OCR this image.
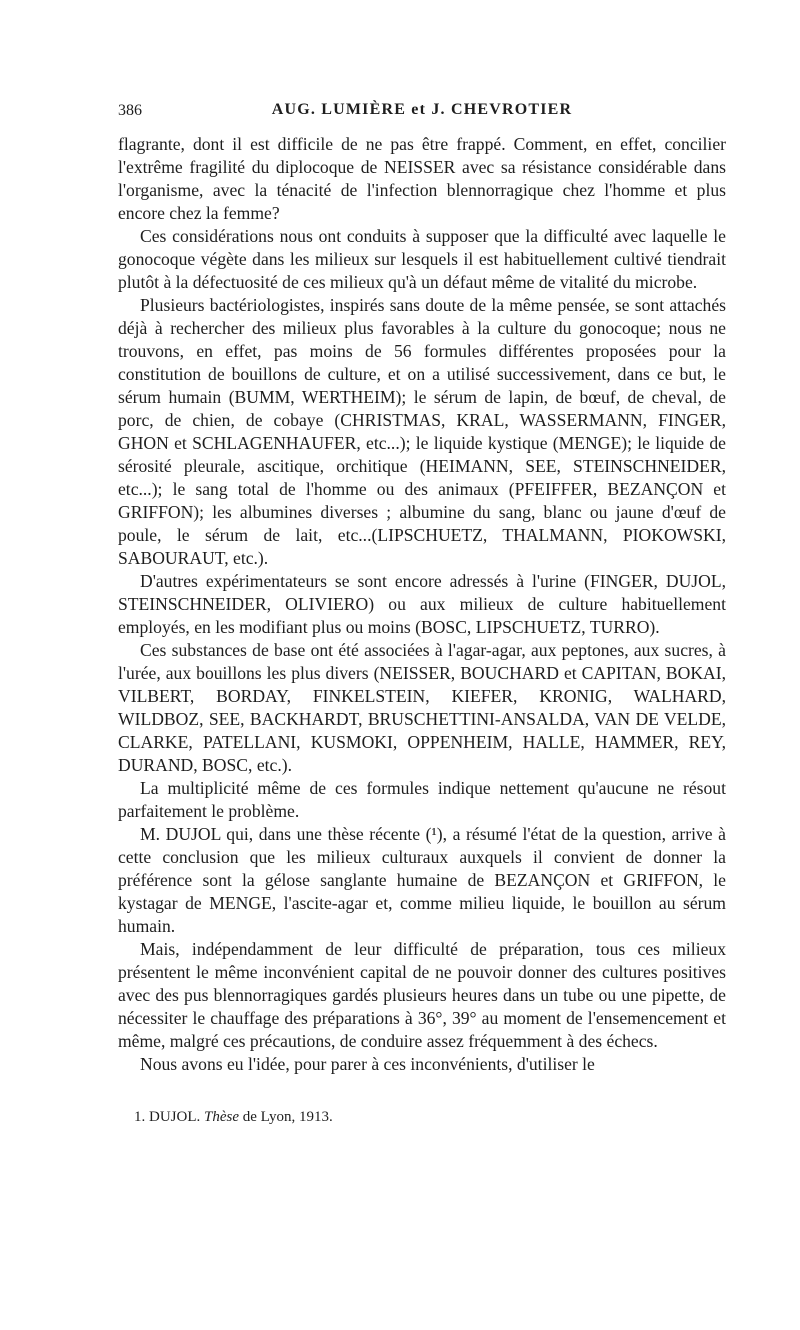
386	AUG. LUMIÈRE et J. CHEVROTIER

flagrante, dont il est difficile de ne pas être frappé. Comment, en effet, concilier l'extrême fragilité du diplocoque de NEISSER avec sa résistance considérable dans l'organisme, avec la ténacité de l'infection blennorragique chez l'homme et plus encore chez la femme?

Ces considérations nous ont conduits à supposer que la difficulté avec laquelle le gonocoque végète dans les milieux sur lesquels il est habituellement cultivé tiendrait plutôt à la défectuosité de ces milieux qu'à un défaut même de vitalité du microbe.

Plusieurs bactériologistes, inspirés sans doute de la même pensée, se sont attachés déjà à rechercher des milieux plus favorables à la culture du gonocoque; nous ne trouvons, en effet, pas moins de 56 formules différentes proposées pour la constitution de bouillons de culture, et on a utilisé successivement, dans ce but, le sérum humain (BUMM, WERTHEIM); le sérum de lapin, de bœuf, de cheval, de porc, de chien, de cobaye (CHRISTMAS, KRAL, WASSERMANN, FINGER, GHON et SCHLAGENHAUFER, etc...); le liquide kystique (MENGE); le liquide de sérosité pleurale, ascitique, orchitique (HEIMANN, SEE, STEINSCHNEIDER, etc...); le sang total de l'homme ou des animaux (PFEIFFER, BEZANÇON et GRIFFON); les albumines diverses ; albumine du sang, blanc ou jaune d'œuf de poule, le sérum de lait, etc...(LIPSCHUETZ, THALMANN, PIOKOWSKI, SABOURAUT, etc.).

D'autres expérimentateurs se sont encore adressés à l'urine (FINGER, DUJOL, STEINSCHNEIDER, OLIVIERO) ou aux milieux de culture habituellement employés, en les modifiant plus ou moins (BOSC, LIPSCHUETZ, TURRO).

Ces substances de base ont été associées à l'agar-agar, aux peptones, aux sucres, à l'urée, aux bouillons les plus divers (NEISSER, BOUCHARD et CAPITAN, BOKAI, VILBERT, BORDAY, FINKELSTEIN, KIEFER, KRONIG, WALHARD, WILDBOZ, SEE, BACKHARDT, BRUSCHETTINI-ANSALDA, VAN DE VELDE, CLARKE, PATELLANI, KUSMOKI, OPPENHEIM, HALLE, HAMMER, REY, DURAND, BOSC, etc.).

La multiplicité même de ces formules indique nettement qu'aucune ne résout parfaitement le problème.

M. DUJOL qui, dans une thèse récente (¹), a résumé l'état de la question, arrive à cette conclusion que les milieux culturaux auxquels il convient de donner la préférence sont la gélose sanglante humaine de BEZANÇON et GRIFFON, le kystagar de MENGE, l'ascite-agar et, comme milieu liquide, le bouillon au sérum humain.

Mais, indépendamment de leur difficulté de préparation, tous ces milieux présentent le même inconvénient capital de ne pouvoir donner des cultures positives avec des pus blennorragiques gardés plusieurs heures dans un tube ou une pipette, de nécessiter le chauffage des préparations à 36°, 39° au moment de l'ensemencement et même, malgré ces précautions, de conduire assez fréquemment à des échecs.

Nous avons eu l'idée, pour parer à ces inconvénients, d'utiliser le

1. DUJOL. Thèse de Lyon, 1913.
